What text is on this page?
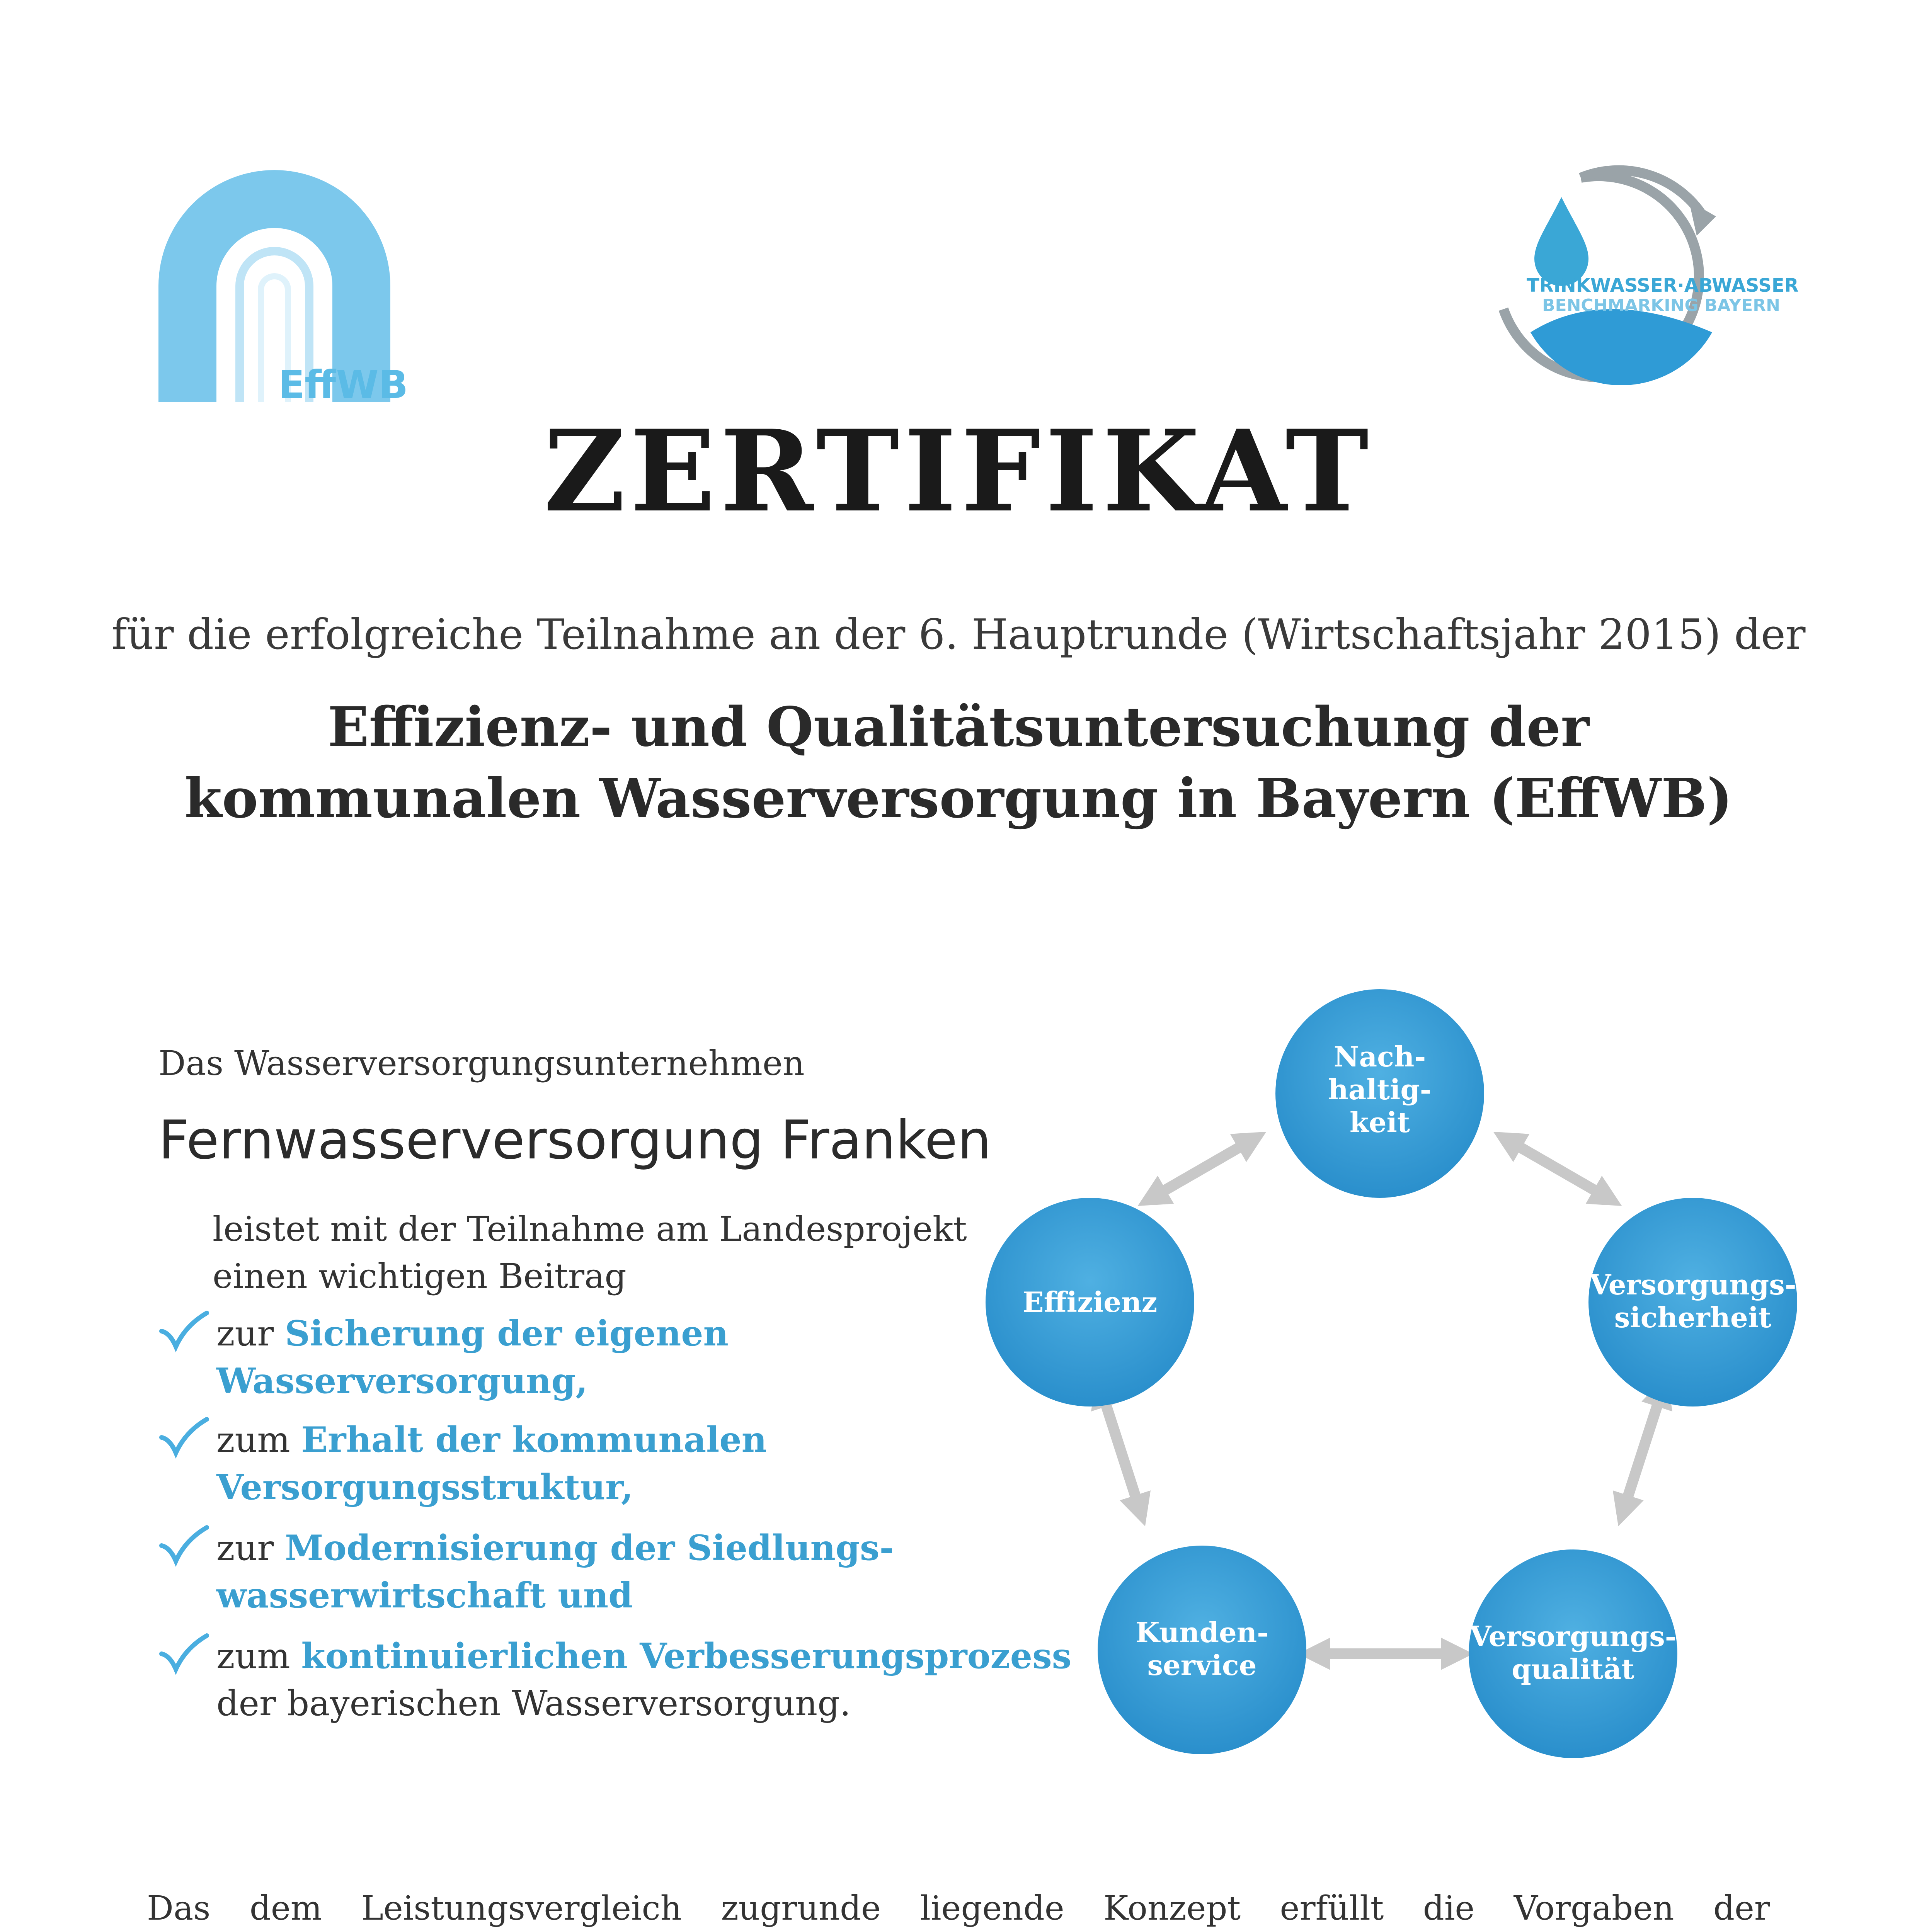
EffWB
TRINKWASSER·ABWASSER
BENCHMARKING BAYERN
ZERTIFIKAT
für die erfolgreiche Teilnahme an der 6. Hauptrunde (Wirtschaftsjahr 2015) der
Effizienz- und Qualitätsuntersuchung der
kommunalen Wasserversorgung in Bayern (EffWB)
Das Wasserversorgungsunternehmen
Fernwasserversorgung Franken
leistet mit der Teilnahme am Landesprojekt
einen wichtigen Beitrag
zur Sicherung der eigenen
Wasserversorgung,
zum Erhalt der kommunalen
Versorgungsstruktur,
zur Modernisierung der Siedlungs-
wasserwirtschaft und
zum kontinuierlichen Verbesserungsprozess
der bayerischen Wasserversorgung.
Nach-haltig-keit
Versorgungs-sicherheit
Versorgungs-qualität
Kunden-service
Effizienz
Das dem Leistungsvergleich zugrunde liegende Konzept erfüllt die Vorgaben der
